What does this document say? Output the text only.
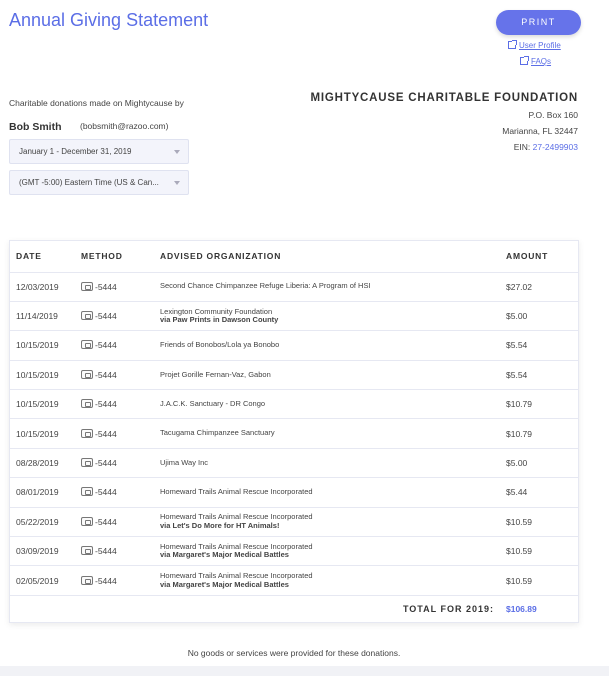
Annual Giving Statement	PRINT
User Profile
FAQs
Charitable donations made on Mightycause by
Bob Smith (bobsmith@razoo.com)
January 1 - December 31, 2019
(GMT -5:00) Eastern Time (US & Can...
MIGHTYCAUSE CHARITABLE FOUNDATION
P.O. Box 160
Marianna, FL 32447
EIN: 27-2499903
DATE	METHOD	ADVISED ORGANIZATION	AMOUNT
12/03/2019	-5444	Second Chance Chimpanzee Refuge Liberia: A Program of HSI	$27.02
11/14/2019	-5444	Lexington Community Foundation
via Paw Prints in Dawson County	$5.00
10/15/2019	-5444	Friends of Bonobos/Lola ya Bonobo	$5.54
10/15/2019	-5444	Projet Gorille Fernan-Vaz, Gabon	$5.54
10/15/2019	-5444	J.A.C.K. Sanctuary - DR Congo	$10.79
10/15/2019	-5444	Tacugama Chimpanzee Sanctuary	$10.79
08/28/2019	-5444	Ujima Way Inc	$5.00
08/01/2019	-5444	Homeward Trails Animal Rescue Incorporated	$5.44
05/22/2019	-5444	Homeward Trails Animal Rescue Incorporated
via Let's Do More for HT Animals!	$10.59
03/09/2019	-5444	Homeward Trails Animal Rescue Incorporated
via Margaret's Major Medical Battles	$10.59
02/05/2019	-5444	Homeward Trails Animal Rescue Incorporated
via Margaret's Major Medical Battles	$10.59
TOTAL FOR 2019:			$106.89
No goods or services were provided for these donations.
